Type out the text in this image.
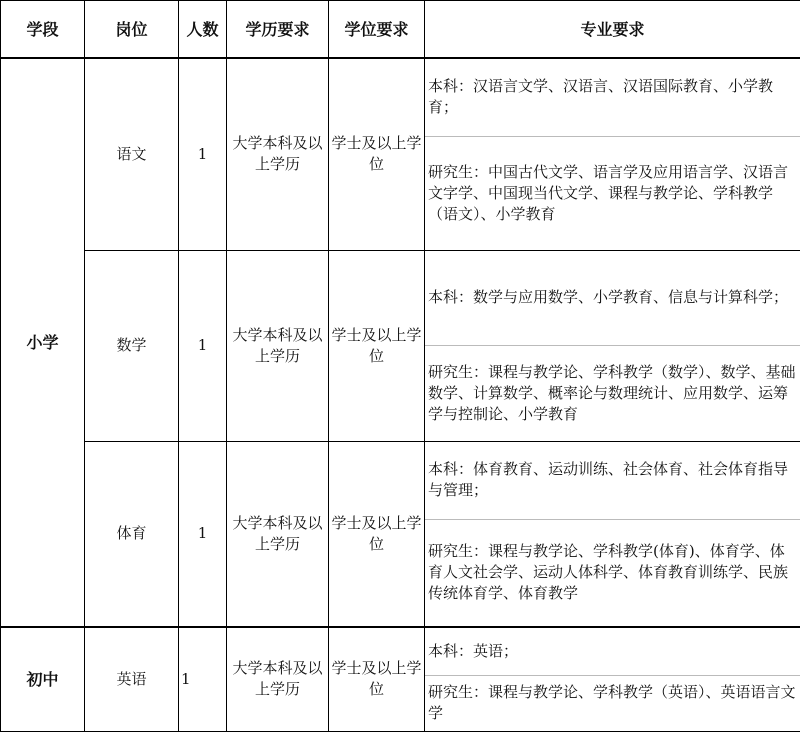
学段	岗位	人数	学历要求	学位要求	专业要求
小学	语文	1	大学本科及以上学历	学士及以上学位	本科：汉语言文学、汉语言、汉语国际教育、小学教育；
					研究生：中国古代文学、语言学及应用语言学、汉语言文字学、中国现当代文学、课程与教学论、学科教学（语文）、小学教育
	数学	1	大学本科及以上学历	学士及以上学位	本科：数学与应用数学、小学教育、信息与计算科学；
					研究生：课程与教学论、学科教学（数学）、数学、基础数学、计算数学、概率论与数理统计、应用数学、运筹学与控制论、小学教育
	体育	1	大学本科及以上学历	学士及以上学位	本科：体育教育、运动训练、社会体育、社会体育指导与管理；
					研究生：课程与教学论、学科教学(体育)、体育学、体育人文社会学、运动人体科学、体育教育训练学、民族传统体育学、体育教学
初中	英语	1	大学本科及以上学历	学士及以上学位	本科：英语；
					研究生：课程与教学论、学科教学（英语）、英语语言文学
